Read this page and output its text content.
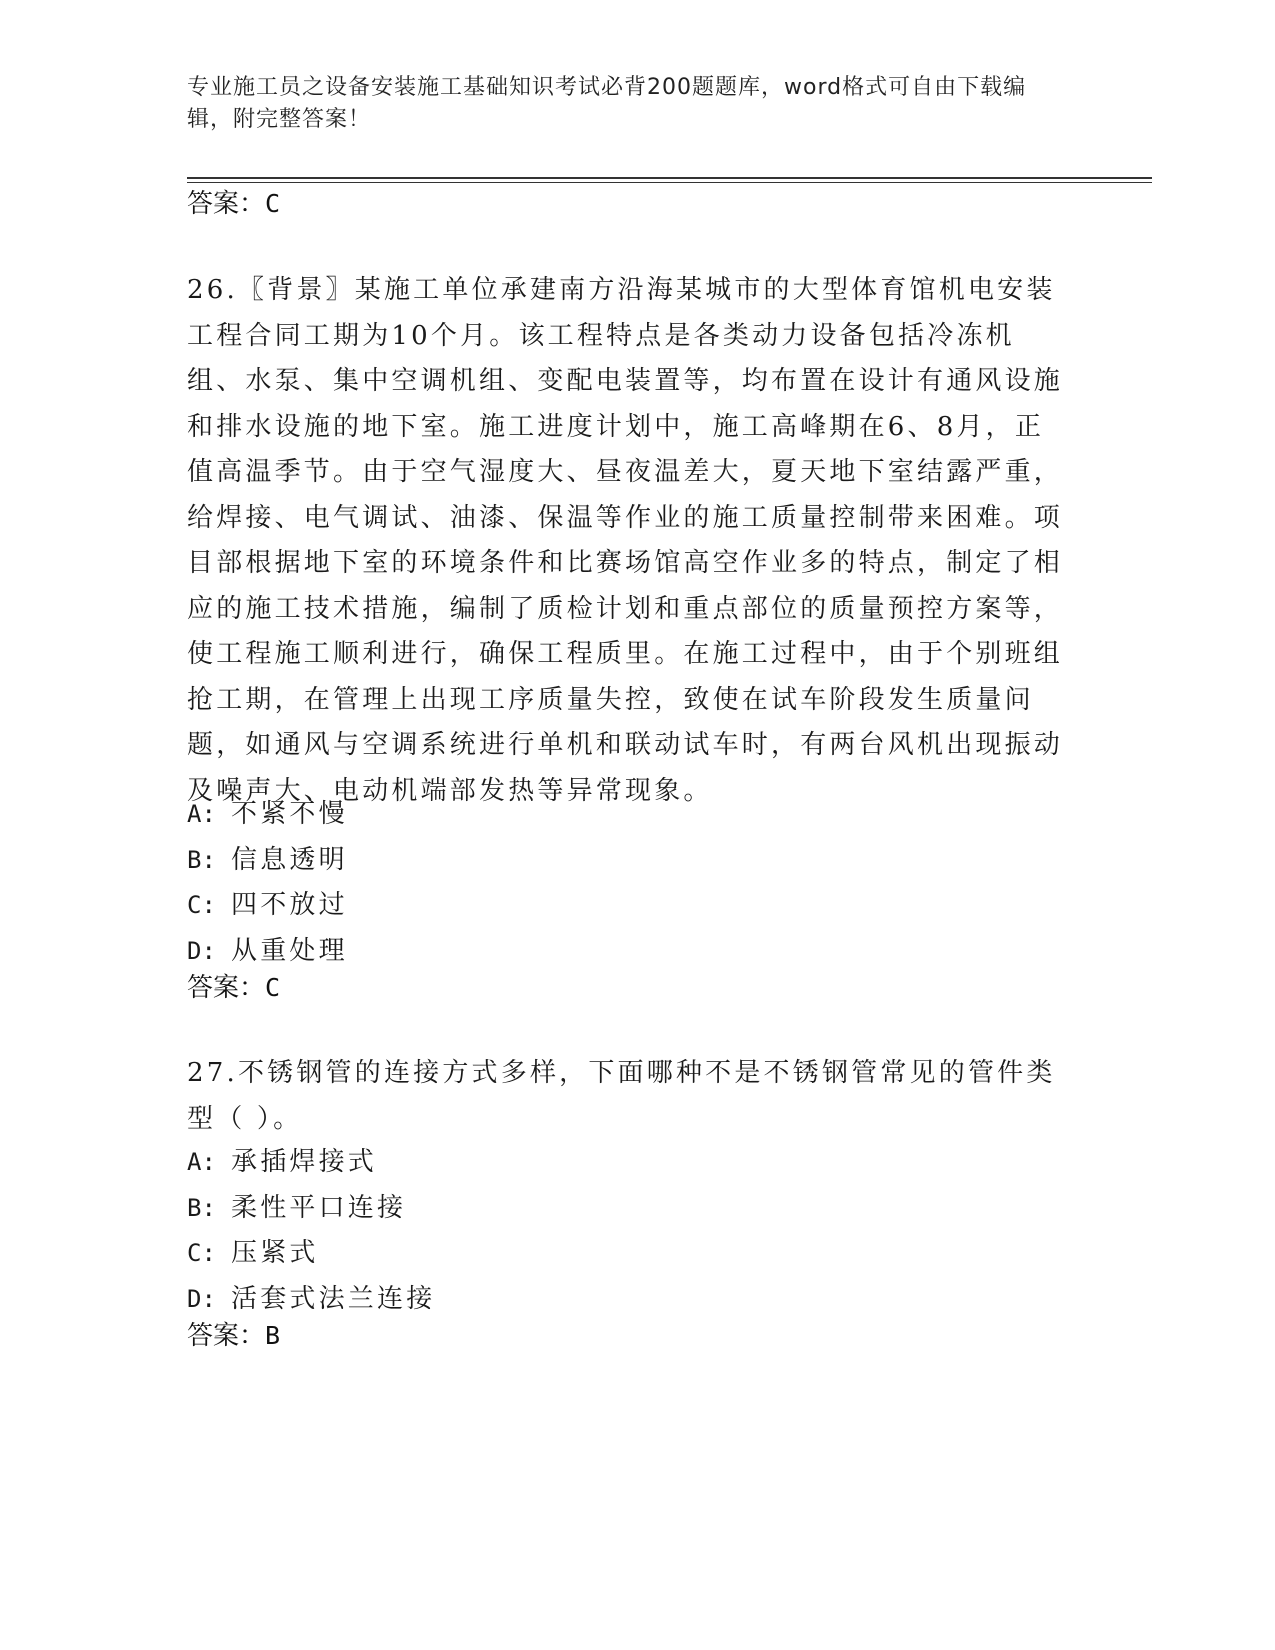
专业施工员之设备安装施工基础知识考试必背200题题库，word格式可自由下载编辑，附完整答案！
答案：C
26.〖背景〗某施工单位承建南方沿海某城市的大型体育馆机电安装工程合同工期为10个月。该工程特点是各类动力设备包括冷冻机组、水泵、集中空调机组、变配电装置等，均布置在设计有通风设施和排水设施的地下室。施工进度计划中，施工高峰期在6、8月，正值高温季节。由于空气湿度大、昼夜温差大，夏天地下室结露严重，给焊接、电气调试、油漆、保温等作业的施工质量控制带来困难。项目部根据地下室的环境条件和比赛场馆高空作业多的特点，制定了相应的施工技术措施，编制了质检计划和重点部位的质量预控方案等，使工程施工顺利进行，确保工程质里。在施工过程中，由于个别班组抢工期，在管理上出现工序质量失控，致使在试车阶段发生质量问题，如通风与空调系统进行单机和联动试车时，有两台风机出现振动及噪声大、电动机端部发热等异常现象。
A: 不紧不慢
B: 信息透明
C: 四不放过
D: 从重处理
答案：C
27.不锈钢管的连接方式多样，下面哪种不是不锈钢管常见的管件类型（ ）。
A: 承插焊接式
B: 柔性平口连接
C: 压紧式
D: 活套式法兰连接
答案：B
